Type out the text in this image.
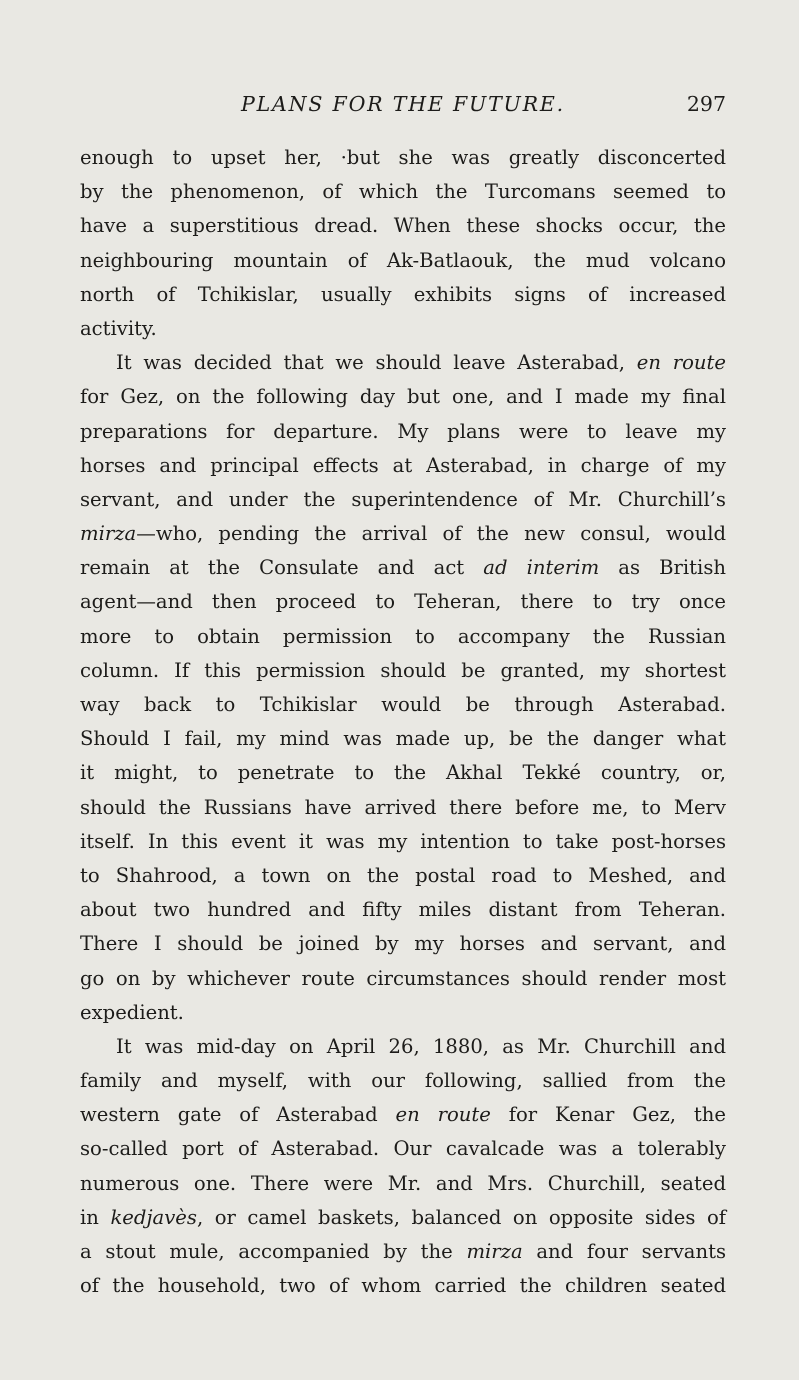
PLANS FOR THE FUTURE.	297
enough to upset her, ·but she was greatly disconcerted
by the phenomenon, of which the Turcomans seemed to
have a superstitious dread. When these shocks occur, the
neighbouring mountain of Ak-Batlaouk, the mud volcano
north of Tchikislar, usually exhibits signs of increased
activity.
It was decided that we should leave Asterabad, en route
for Gez, on the following day but one, and I made my final
preparations for departure. My plans were to leave my
horses and principal effects at Asterabad, in charge of my
servant, and under the superintendence of Mr. Churchill’s
mirza—who, pending the arrival of the new consul, would
remain at the Consulate and act ad interim as British
agent—and then proceed to Teheran, there to try once
more to obtain permission to accompany the Russian
column. If this permission should be granted, my shortest
way back to Tchikislar would be through Asterabad.
Should I fail, my mind was made up, be the danger what
it might, to penetrate to the Akhal Tekké country, or,
should the Russians have arrived there before me, to Merv
itself. In this event it was my intention to take post-horses
to Shahrood, a town on the postal road to Meshed, and
about two hundred and fifty miles distant from Teheran.
There I should be joined by my horses and servant, and
go on by whichever route circumstances should render most
expedient.
It was mid-day on April 26, 1880, as Mr. Churchill and
family and myself, with our following, sallied from the
western gate of Asterabad en route for Kenar Gez, the
so-called port of Asterabad. Our cavalcade was a tolerably
numerous one. There were Mr. and Mrs. Churchill, seated
in kedjavès, or camel baskets, balanced on opposite sides of
a stout mule, accompanied by the mirza and four servants
of the household, two of whom carried the children seated
